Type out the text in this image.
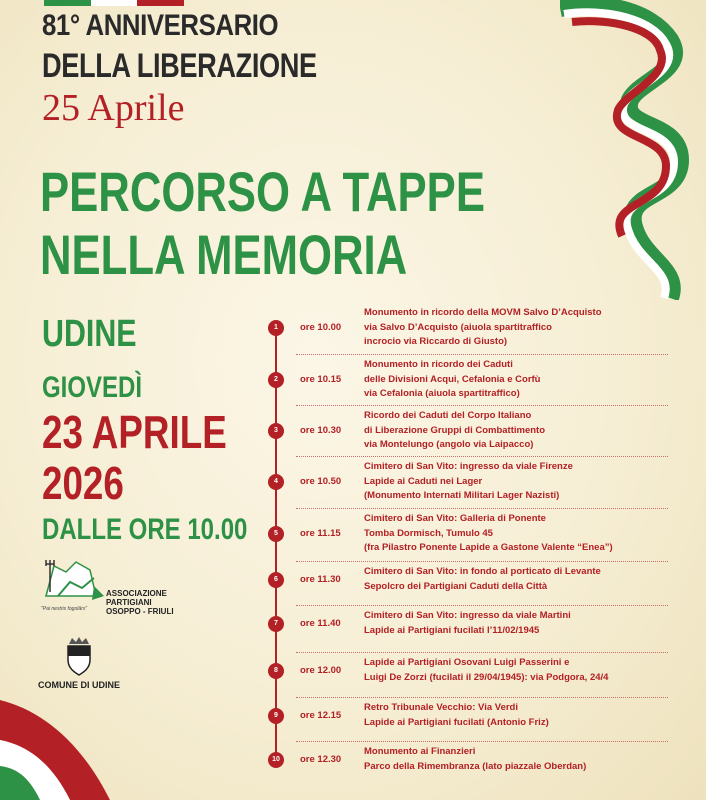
81° ANNIVERSARIO
DELLA LIBERAZIONE
25 Aprile
PERCORSO A TAPPE
NELLA MEMORIA
UDINE
GIOVEDÌ
23 APRILE
2026
DALLE ORE 10.00
ASSOCIAZIONE
PARTIGIANI
OSOPPO - FRIULI
"Pai nestris fogolârs"
COMUNE DI UDINE
1	ore 10.00
Monumento in ricordo della MOVM Salvo D’Acquisto
via Salvo D’Acquisto (aiuola spartitraffico
incrocio via Riccardo di Giusto)
2	ore 10.15
Monumento in ricordo dei Caduti
delle Divisioni Acqui, Cefalonia e Corfù
via Cefalonia (aiuola spartitraffico)
3	ore 10.30
Ricordo dei Caduti del Corpo Italiano
di Liberazione Gruppi di Combattimento
via Montelungo (angolo via Laipacco)
4	ore 10.50
Cimitero di San Vito: ingresso da viale Firenze
Lapide ai Caduti nei Lager
(Monumento Internati Militari Lager Nazisti)
5	ore 11.15
Cimitero di San Vito: Galleria di Ponente
Tomba Dormisch, Tumulo 45
(fra Pilastro Ponente Lapide a Gastone Valente “Enea”)
6	ore 11.30
Cimitero di San Vito: in fondo al porticato di Levante
Sepolcro dei Partigiani Caduti della Città
7	ore 11.40
Cimitero di San Vito: ingresso da viale Martini
Lapide ai Partigiani fucilati l’11/02/1945
8	ore 12.00
Lapide ai Partigiani Osovani Luigi Passerini e
Luigi De Zorzi (fucilati il 29/04/1945): via Podgora, 24/4
9	ore 12.15
Retro Tribunale Vecchio: Via Verdi
Lapide ai Partigiani fucilati (Antonio Friz)
10	ore 12.30
Monumento ai Finanzieri
Parco della Rimembranza (lato piazzale Oberdan)
